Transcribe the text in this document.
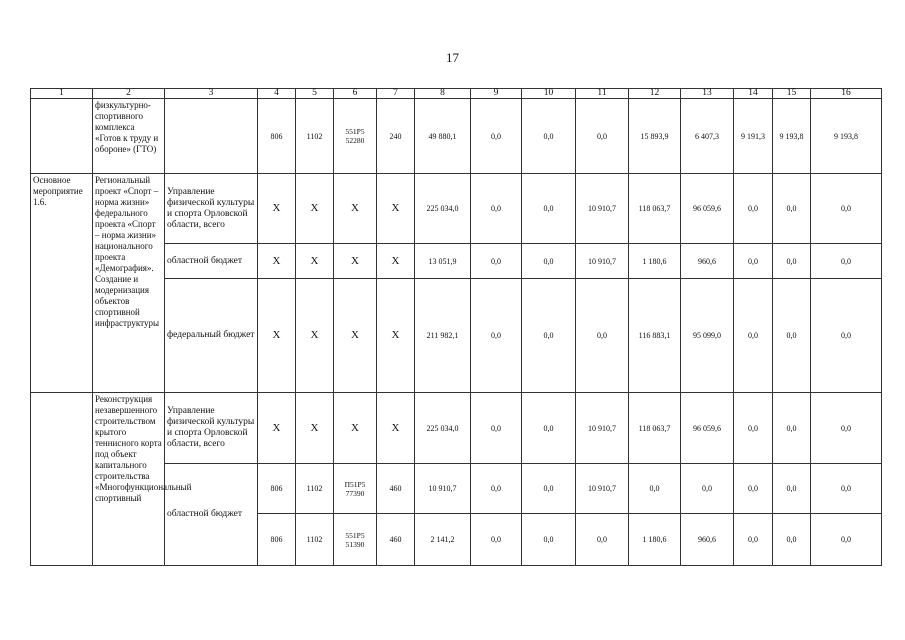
17
1	2	3	4	5	6	7	8	9	10	11	12	13	14	15	16
	физкультурно-спортивного комплекса «Готов к труду и обороне» (ГТО)		806	1102	551P5 52280	240	49 880,1	0,0	0,0	0,0	15 893,9	6 407,3	9 191,3	9 193,8	9 193,8
Основное мероприятие 1.6.	Региональный проект «Спорт – норма жизни» федерального проекта «Спорт – норма жизни» национального проекта «Демография». Создание и модернизация объектов спортивной инфраструктуры	Управление физической культуры и спорта Орловской области, всего	X	X	X	X	225 034,0	0,0	0,0	10 910,7	118 063,7	96 059,6	0,0	0,0	0,0
		областной бюджет	X	X	X	X	13 051,9	0,0	0,0	10 910,7	1 180,6	960,6	0,0	0,0	0,0
		федеральный бюджет	X	X	X	X	211 982,1	0,0	0,0	0,0	116 883,1	95 099,0	0,0	0,0	0,0
	Реконструкция незавершенного строительством крытого теннисного корта под объект капитального строительства «Многофункциональный спортивный	Управление физической культуры и спорта Орловской области, всего	X	X	X	X	225 034,0	0,0	0,0	10 910,7	118 063,7	96 059,6	0,0	0,0	0,0
		областной бюджет	806	1102	П51P5 77390	460	10 910,7	0,0	0,0	10 910,7	0,0	0,0	0,0	0,0	0,0
			806	1102	551P5 51390	460	2 141,2	0,0	0,0	0,0	1 180,6	960,6	0,0	0,0	0,0
